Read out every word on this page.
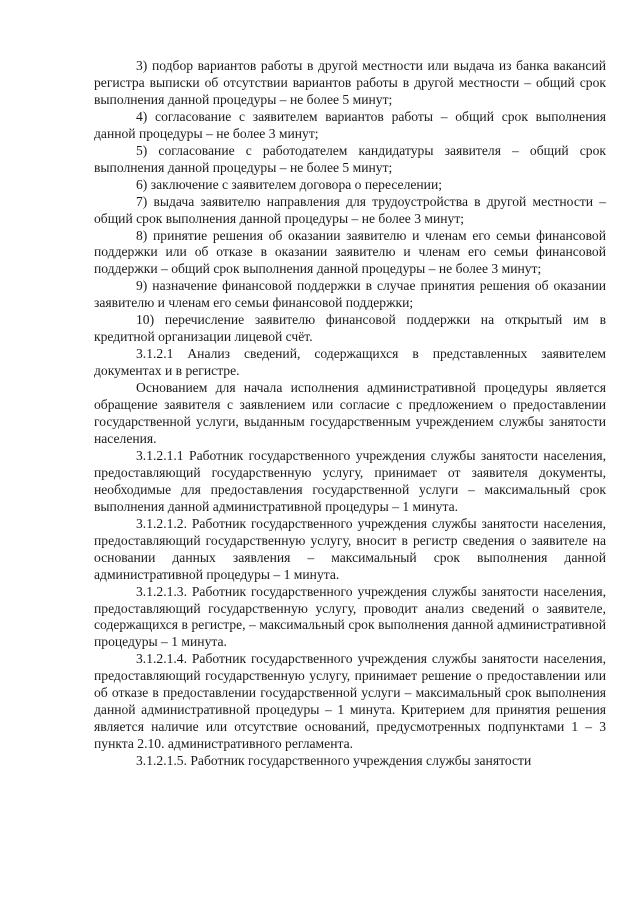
3) подбор вариантов работы в другой местности или выдача из банка вакансий регистра выписки об отсутствии вариантов работы в другой местности – общий срок выполнения данной процедуры – не более 5 минут;

4) согласование с заявителем вариантов работы – общий срок выполнения данной процедуры – не более 3 минут;

5) согласование с работодателем кандидатуры заявителя – общий срок выполнения данной процедуры – не более 5 минут;

6) заключение с заявителем договора о переселении;

7) выдача заявителю направления для трудоустройства в другой местности – общий срок выполнения данной процедуры – не более 3 минут;

8) принятие решения об оказании заявителю и членам его семьи финансовой поддержки или об отказе в оказании заявителю и членам его семьи финансовой поддержки – общий срок выполнения данной процедуры – не более 3 минут;

9) назначение финансовой поддержки в случае принятия решения об оказании заявителю и членам его семьи финансовой поддержки;

10) перечисление заявителю финансовой поддержки на открытый им в кредитной организации лицевой счёт.

3.1.2.1 Анализ сведений, содержащихся в представленных заявителем документах и в регистре.

Основанием для начала исполнения административной процедуры является обращение заявителя с заявлением или согласие с предложением о предоставлении государственной услуги, выданным государственным учреждением службы занятости населения.

3.1.2.1.1 Работник государственного учреждения службы занятости населения, предоставляющий государственную услугу, принимает от заявителя документы, необходимые для предоставления государственной услуги – максимальный срок выполнения данной административной процедуры – 1 минута.

3.1.2.1.2. Работник государственного учреждения службы занятости населения, предоставляющий государственную услугу, вносит в регистр сведения о заявителе на основании данных заявления – максимальный срок выполнения данной административной процедуры – 1 минута.

3.1.2.1.3. Работник государственного учреждения службы занятости населения, предоставляющий государственную услугу, проводит анализ сведений о заявителе, содержащихся в регистре, – максимальный срок выполнения данной административной процедуры – 1 минута.

3.1.2.1.4. Работник государственного учреждения службы занятости населения, предоставляющий государственную услугу, принимает решение о предоставлении или об отказе в предоставлении государственной услуги – максимальный срок выполнения данной административной процедуры – 1 минута. Критерием для принятия решения является наличие или отсутствие оснований, предусмотренных подпунктами 1 – 3 пункта 2.10. административного регламента.

3.1.2.1.5. Работник государственного учреждения службы занятости
